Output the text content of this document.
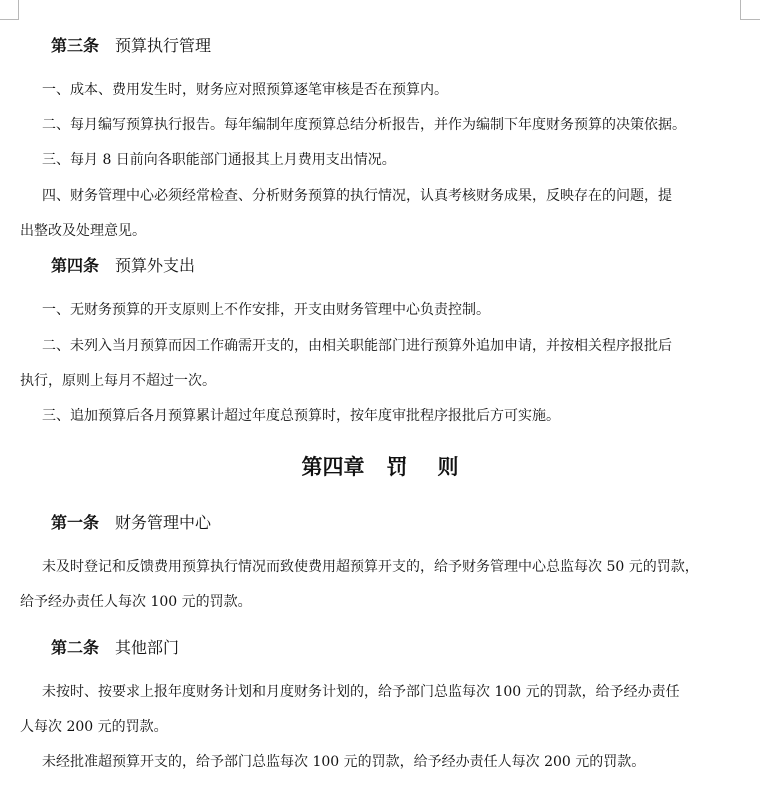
第三条 预算执行管理
一、成本、费用发生时，财务应对照预算逐笔审核是否在预算内。
二、每月编写预算执行报告。每年编制年度预算总结分析报告，并作为编制下年度财务预算的决策依据。
三、每月 8 日前向各职能部门通报其上月费用支出情况。
四、财务管理中心必须经常检查、分析财务预算的执行情况，认真考核财务成果，反映存在的问题，提
出整改及处理意见。
第四条 预算外支出
一、无财务预算的开支原则上不作安排，开支由财务管理中心负责控制。
二、未列入当月预算而因工作确需开支的，由相关职能部门进行预算外追加申请，并按相关程序报批后
执行，原则上每月不超过一次。
三、追加预算后各月预算累计超过年度总预算时，按年度审批程序报批后方可实施。
第四章 罚 则
第一条 财务管理中心
未及时登记和反馈费用预算执行情况而致使费用超预算开支的，给予财务管理中心总监每次 50 元的罚款，
给予经办责任人每次 100 元的罚款。
第二条 其他部门
未按时、按要求上报年度财务计划和月度财务计划的，给予部门总监每次 100 元的罚款，给予经办责任
人每次 200 元的罚款。
未经批准超预算开支的，给予部门总监每次 100 元的罚款，给予经办责任人每次 200 元的罚款。
